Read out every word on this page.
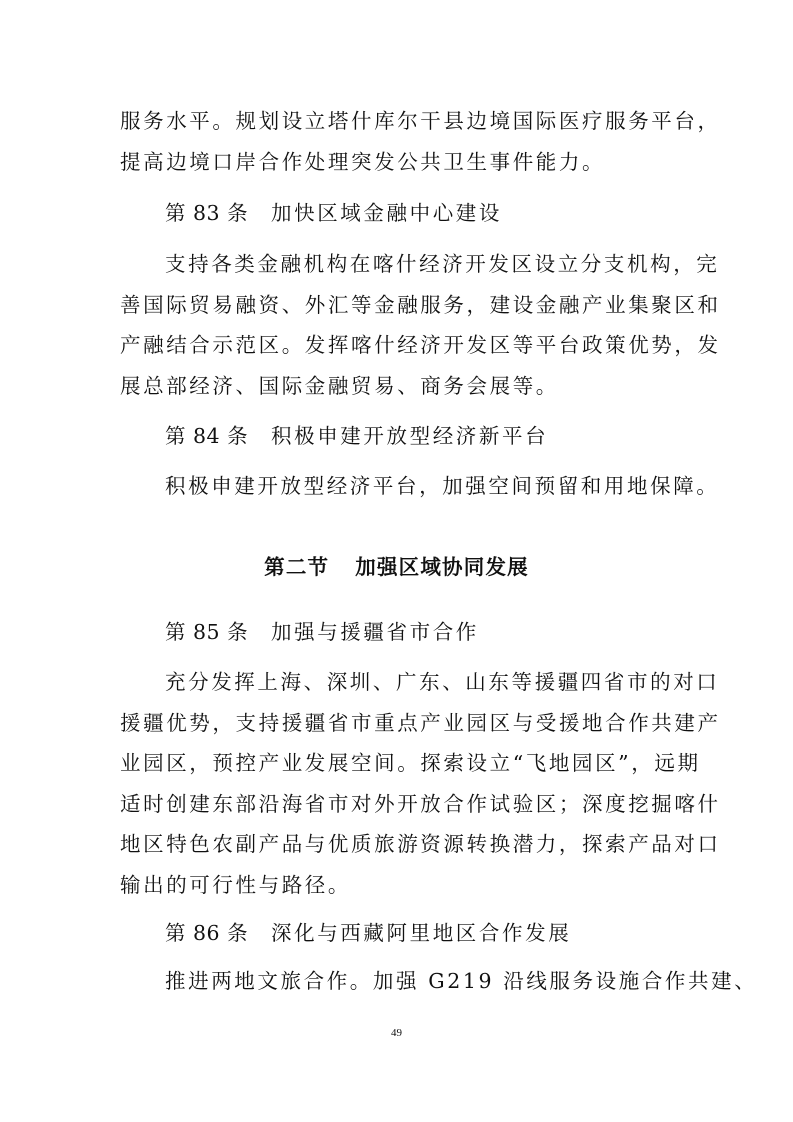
服务水平。规划设立塔什库尔干县边境国际医疗服务平台，
提高边境口岸合作处理突发公共卫生事件能力。
第 83 条 加快区域金融中心建设
支持各类金融机构在喀什经济开发区设立分支机构，完
善国际贸易融资、外汇等金融服务，建设金融产业集聚区和
产融结合示范区。发挥喀什经济开发区等平台政策优势，发
展总部经济、国际金融贸易、商务会展等。
第 84 条 积极申建开放型经济新平台
积极申建开放型经济平台，加强空间预留和用地保障。
第二节 加强区域协同发展
第 85 条 加强与援疆省市合作
充分发挥上海、深圳、广东、山东等援疆四省市的对口
援疆优势，支持援疆省市重点产业园区与受援地合作共建产
业园区，预控产业发展空间。探索设立“飞地园区”，远期
适时创建东部沿海省市对外开放合作试验区；深度挖掘喀什
地区特色农副产品与优质旅游资源转换潜力，探索产品对口
输出的可行性与路径。
第 86 条 深化与西藏阿里地区合作发展
推进两地文旅合作。加强 G219 沿线服务设施合作共建、
49
